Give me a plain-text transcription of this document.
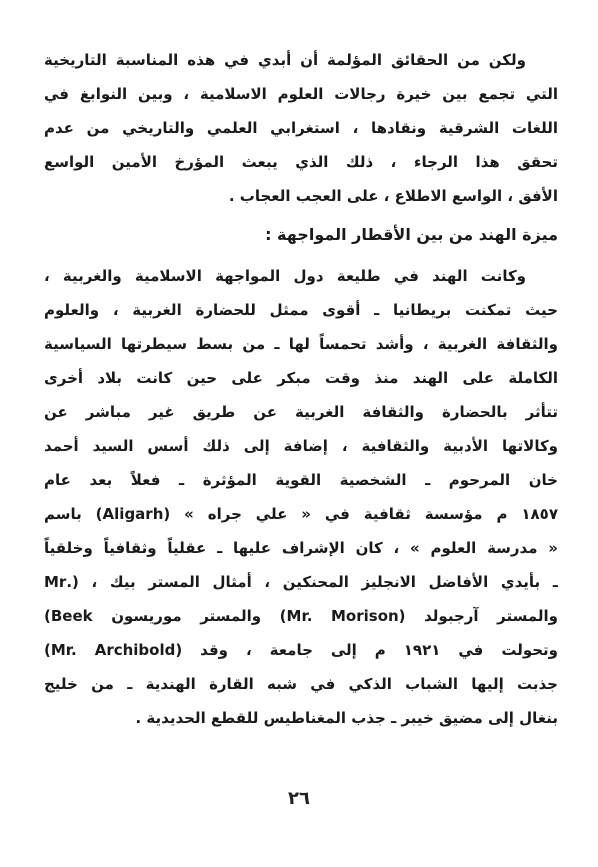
ولكن من الحقائق المؤلمة أن أبدي في هذه المناسبة التاريخية
التي تجمع بين خيرة رجالات العلوم الاسلامية ، وبين النوابغ في
اللغات الشرقية ونقادها ، استغرابي العلمي والتاريخي من عدم
تحقق هذا الرجاء ، ذلك الذي يبعث المؤرخ الأمين الواسع
الأفق ، الواسع الاطلاع ، على العجب العجاب .
ميزة الهند من بين الأقطار المواجهة :
وكانت الهند في طليعة دول المواجهة الاسلامية والغربية ،
حيث تمكنت بريطانيا ـ أقوى ممثل للحضارة الغربية ، والعلوم
والثقافة الغربية ، وأشد تحمساً لها ـ من بسط سيطرتها السياسية
الكاملة على الهند منذ وقت مبكر على حين كانت بلاد أخرى
تتأثر بالحضارة والثقافة الغربية عن طريق غير مباشر عن
وكالاتها الأدبية والثقافية ، إضافة إلى ذلك أسس السيد أحمد
خان المرحوم ـ الشخصية القوية المؤثرة ـ فعلاً بعد عام
١٨٥٧ م مؤسسة ثقافية في « علي جراه » (Aligarh) باسم
« مدرسة العلوم » ، كان الإشراف عليها ـ عقلياً وثقافياً وخلقياً
ـ بأيدي الأفاضل الانجليز المحنكين ، أمثال المستر بيك ، (.Mr
(Beek والمستر موريسون (Mr. Morison) والمستر آرجبولد
(Mr. Archibold) وتحولت في ١٩٢١ م إلى جامعة ، وقد
جذبت إليها الشباب الذكي في شبه القارة الهندية ـ من خليج
بنغال إلى مضيق خيبر ـ جذب المغناطيس للقطع الحديدية .
٢٦
